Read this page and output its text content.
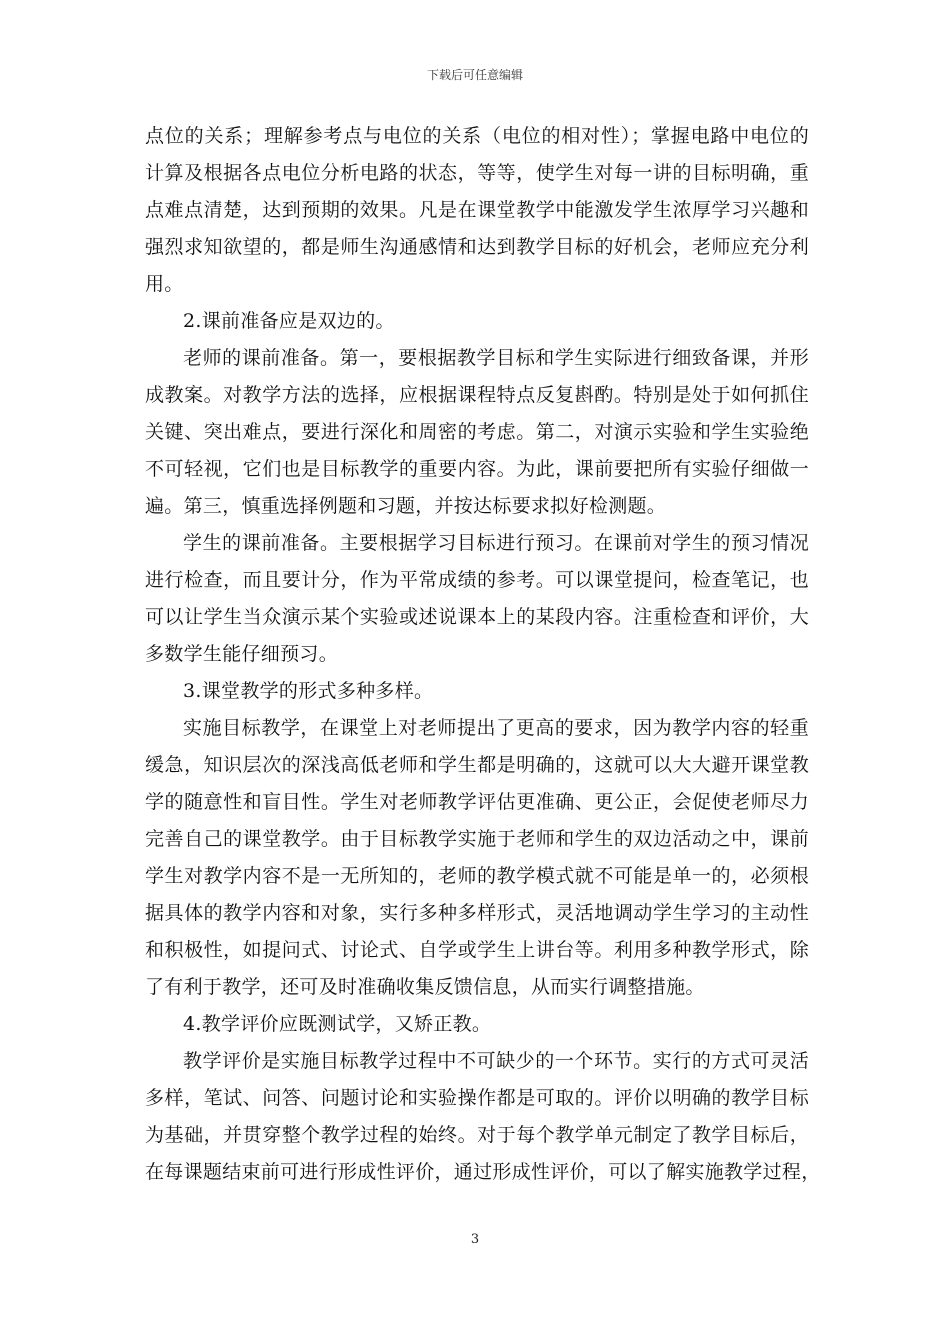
下载后可任意编辑
点位的关系；理解参考点与电位的关系（电位的相对性）；掌握电路中电位的
计算及根据各点电位分析电路的状态，等等，使学生对每一讲的目标明确，重
点难点清楚，达到预期的效果。凡是在课堂教学中能激发学生浓厚学习兴趣和
强烈求知欲望的，都是师生沟通感情和达到教学目标的好机会，老师应充分利
用。
2.课前准备应是双边的。
老师的课前准备。第一，要根据教学目标和学生实际进行细致备课，并形
成教案。对教学方法的选择，应根据课程特点反复斟酌。特别是处于如何抓住
关键、突出难点，要进行深化和周密的考虑。第二，对演示实验和学生实验绝
不可轻视，它们也是目标教学的重要内容。为此，课前要把所有实验仔细做一
遍。第三，慎重选择例题和习题，并按达标要求拟好检测题。
学生的课前准备。主要根据学习目标进行预习。在课前对学生的预习情况
进行检查，而且要计分，作为平常成绩的参考。可以课堂提问，检查笔记，也
可以让学生当众演示某个实验或述说课本上的某段内容。注重检查和评价，大
多数学生能仔细预习。
3.课堂教学的形式多种多样。
实施目标教学，在课堂上对老师提出了更高的要求，因为教学内容的轻重
缓急，知识层次的深浅高低老师和学生都是明确的，这就可以大大避开课堂教
学的随意性和盲目性。学生对老师教学评估更准确、更公正，会促使老师尽力
完善自己的课堂教学。由于目标教学实施于老师和学生的双边活动之中，课前
学生对教学内容不是一无所知的，老师的教学模式就不可能是单一的，必须根
据具体的教学内容和对象，实行多种多样形式，灵活地调动学生学习的主动性
和积极性，如提问式、讨论式、自学或学生上讲台等。利用多种教学形式，除
了有利于教学，还可及时准确收集反馈信息，从而实行调整措施。
4.教学评价应既测试学，又矫正教。
教学评价是实施目标教学过程中不可缺少的一个环节。实行的方式可灵活
多样，笔试、问答、问题讨论和实验操作都是可取的。评价以明确的教学目标
为基础，并贯穿整个教学过程的始终。对于每个教学单元制定了教学目标后，
在每课题结束前可进行形成性评价，通过形成性评价，可以了解实施教学过程，
3
